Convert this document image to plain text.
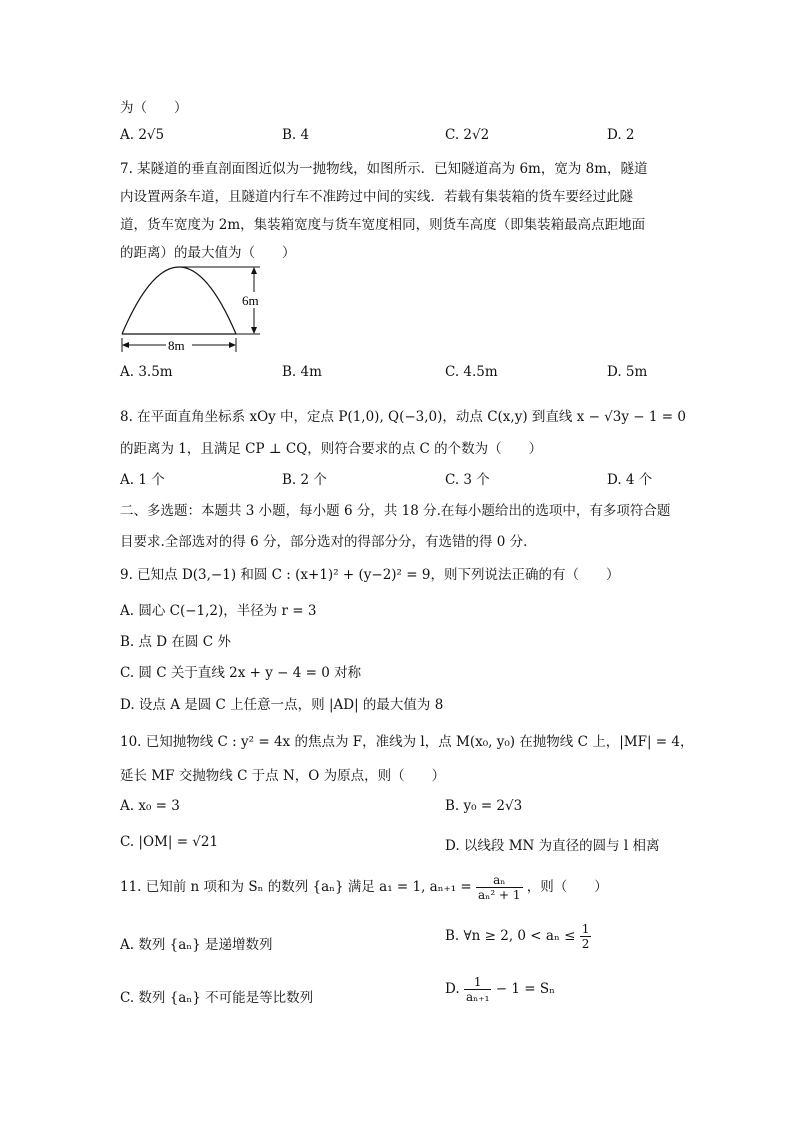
为（　　）
A. 2√5	B. 4	C. 2√2	D. 2
7. 某隧道的垂直剖面图近似为一抛物线，如图所示．已知隧道高为 6m，宽为 8m，隧道
内设置两条车道，且隧道内行车不准跨过中间的实线．若载有集装箱的货车要经过此隧
道，货车宽度为 2m，集装箱宽度与货车宽度相同，则货车高度（即集装箱最高点距地面
的距离）的最大值为（　　）
6m
8m
A. 3.5m	B. 4m	C. 4.5m	D. 5m
8. 在平面直角坐标系 xOy 中，定点 P(1,0), Q(−3,0)，动点 C(x,y) 到直线 x − √3y − 1 = 0
的距离为 1，且满足 CP ⊥ CQ，则符合要求的点 C 的个数为（　　）
A. 1 个	B. 2 个	C. 3 个	D. 4 个
二、多选题：本题共 3 小题，每小题 6 分，共 18 分.在每小题给出的选项中，有多项符合题
目要求.全部选对的得 6 分，部分选对的得部分分，有选错的得 0 分.
9. 已知点 D(3,−1) 和圆 C : (x+1)² + (y−2)² = 9，则下列说法正确的有（　　）
A. 圆心 C(−1,2)，半径为 r = 3
B. 点 D 在圆 C 外
C. 圆 C 关于直线 2x + y − 4 = 0 对称
D. 设点 A 是圆 C 上任意一点，则 |AD| 的最大值为 8
10. 已知抛物线 C : y² = 4x 的焦点为 F，准线为 l，点 M(x₀, y₀) 在抛物线 C 上，|MF| = 4，
延长 MF 交抛物线 C 于点 N，O 为原点，则（　　）
A. x₀ = 3	B. y₀ = 2√3
C. |OM| = √21	D. 以线段 MN 为直径的圆与 l 相离
11. 已知前 n 项和为 Sₙ 的数列 {aₙ} 满足 a₁ = 1, $a_{n+1} = \frac{\text{aₙ}}{\text{aₙ² + 1}}$ ，则（　　）
A. 数列 {aₙ} 是递增数列
B. ∀n ≥ 2, $0 < a_n \le \frac{1}{2}$
C. 数列 {aₙ} 不可能是等比数列
D. $\frac{1}{\text{aₙ₊₁}} - 1 = S_n$
